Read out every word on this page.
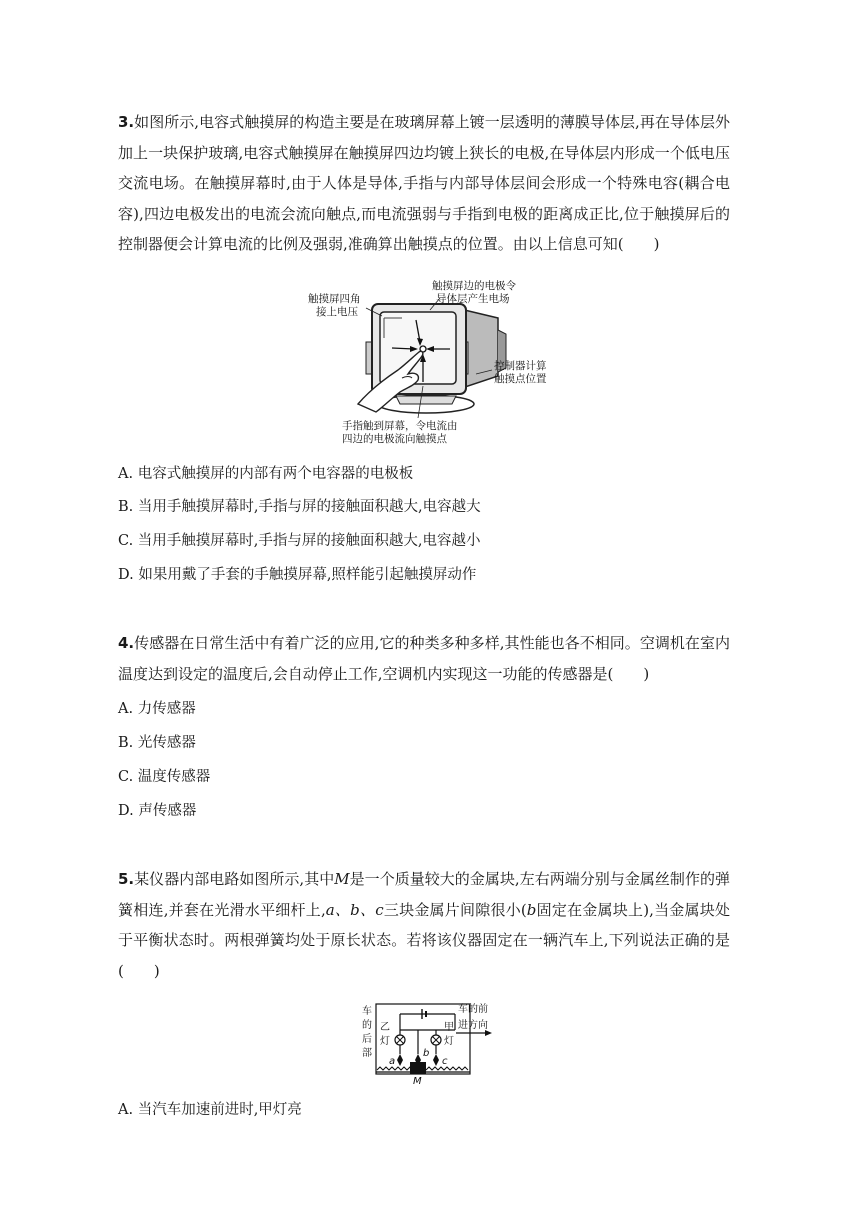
3.如图所示,电容式触摸屏的构造主要是在玻璃屏幕上镀一层透明的薄膜导体层,再在导体层外加上一块保护玻璃,电容式触摸屏在触摸屏四边均镀上狭长的电极,在导体层内形成一个低电压交流电场。在触摸屏幕时,由于人体是导体,手指与内部导体层间会形成一个特殊电容(耦合电容),四边电极发出的电流会流向触点,而电流强弱与手指到电极的距离成正比,位于触摸屏后的控制器便会计算电流的比例及强弱,准确算出触摸点的位置。由以上信息可知(　　)

触摸屏四角
接上电压
触摸屏边的电极令
导体层产生电场
控制器计算
触摸点位置
手指触到屏幕，令电流由
四边的电极流向触摸点
A. 电容式触摸屏的内部有两个电容器的电极板
B. 当用手触摸屏幕时,手指与屏的接触面积越大,电容越大
C. 当用手触摸屏幕时,手指与屏的接触面积越大,电容越小
D. 如果用戴了手套的手触摸屏幕,照样能引起触摸屏动作

4.传感器在日常生活中有着广泛的应用,它的种类多种多样,其性能也各不相同。空调机在室内温度达到设定的温度后,会自动停止工作,空调机内实现这一功能的传感器是(　　)

A. 力传感器
B. 光传感器
C. 温度传感器
D. 声传感器

5.某仪器内部电路如图所示,其中M是一个质量较大的金属块,左右两端分别与金属丝制作的弹簧相连,并套在光滑水平细杆上,a、b、c三块金属片间隙很小(b固定在金属块上),当金属块处于平衡状态时。两根弹簧均处于原长状态。若将该仪器固定在一辆汽车上,下列说法正确的是(　　)

车
的
后
部
乙
灯
甲
灯
车的前
进方向
a
b
c
M
A. 当汽车加速前进时,甲灯亮
